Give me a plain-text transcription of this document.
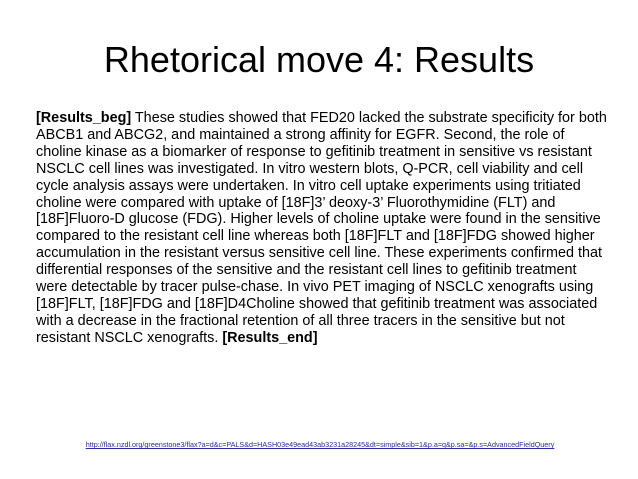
Rhetorical move 4: Results
[Results_beg] These studies showed that FED20 lacked the substrate specificity for both ABCB1 and ABCG2, and maintained a strong affinity for EGFR. Second, the role of choline kinase as a biomarker of response to gefitinib treatment in sensitive vs resistant NSCLC cell lines was investigated. In vitro western blots, Q-PCR, cell viability and cell cycle analysis assays were undertaken. In vitro cell uptake experiments using tritiated choline were compared with uptake of [18F]3’ deoxy-3’ Fluorothymidine (FLT) and [18F]Fluoro-D glucose (FDG). Higher levels of choline uptake were found in the sensitive compared to the resistant cell line whereas both [18F]FLT and [18F]FDG showed higher accumulation in the resistant versus sensitive cell line. These experiments confirmed that differential responses of the sensitive and the resistant cell lines to gefitinib treatment were detectable by tracer pulse-chase. In vivo PET imaging of NSCLC xenografts using [18F]FLT, [18F]FDG and [18F]D4Choline showed that gefitinib treatment was associated with a decrease in the fractional retention of all three tracers in the sensitive but not resistant NSCLC xenografts. [Results_end]
http://flax.nzdl.org/greenstone3/flax?a=d&c=PALS&d=HASH03e49ead43ab3231a28245&dt=simple&sib=1&p.a=q&p.sa=&p.s=AdvancedFieldQuery
